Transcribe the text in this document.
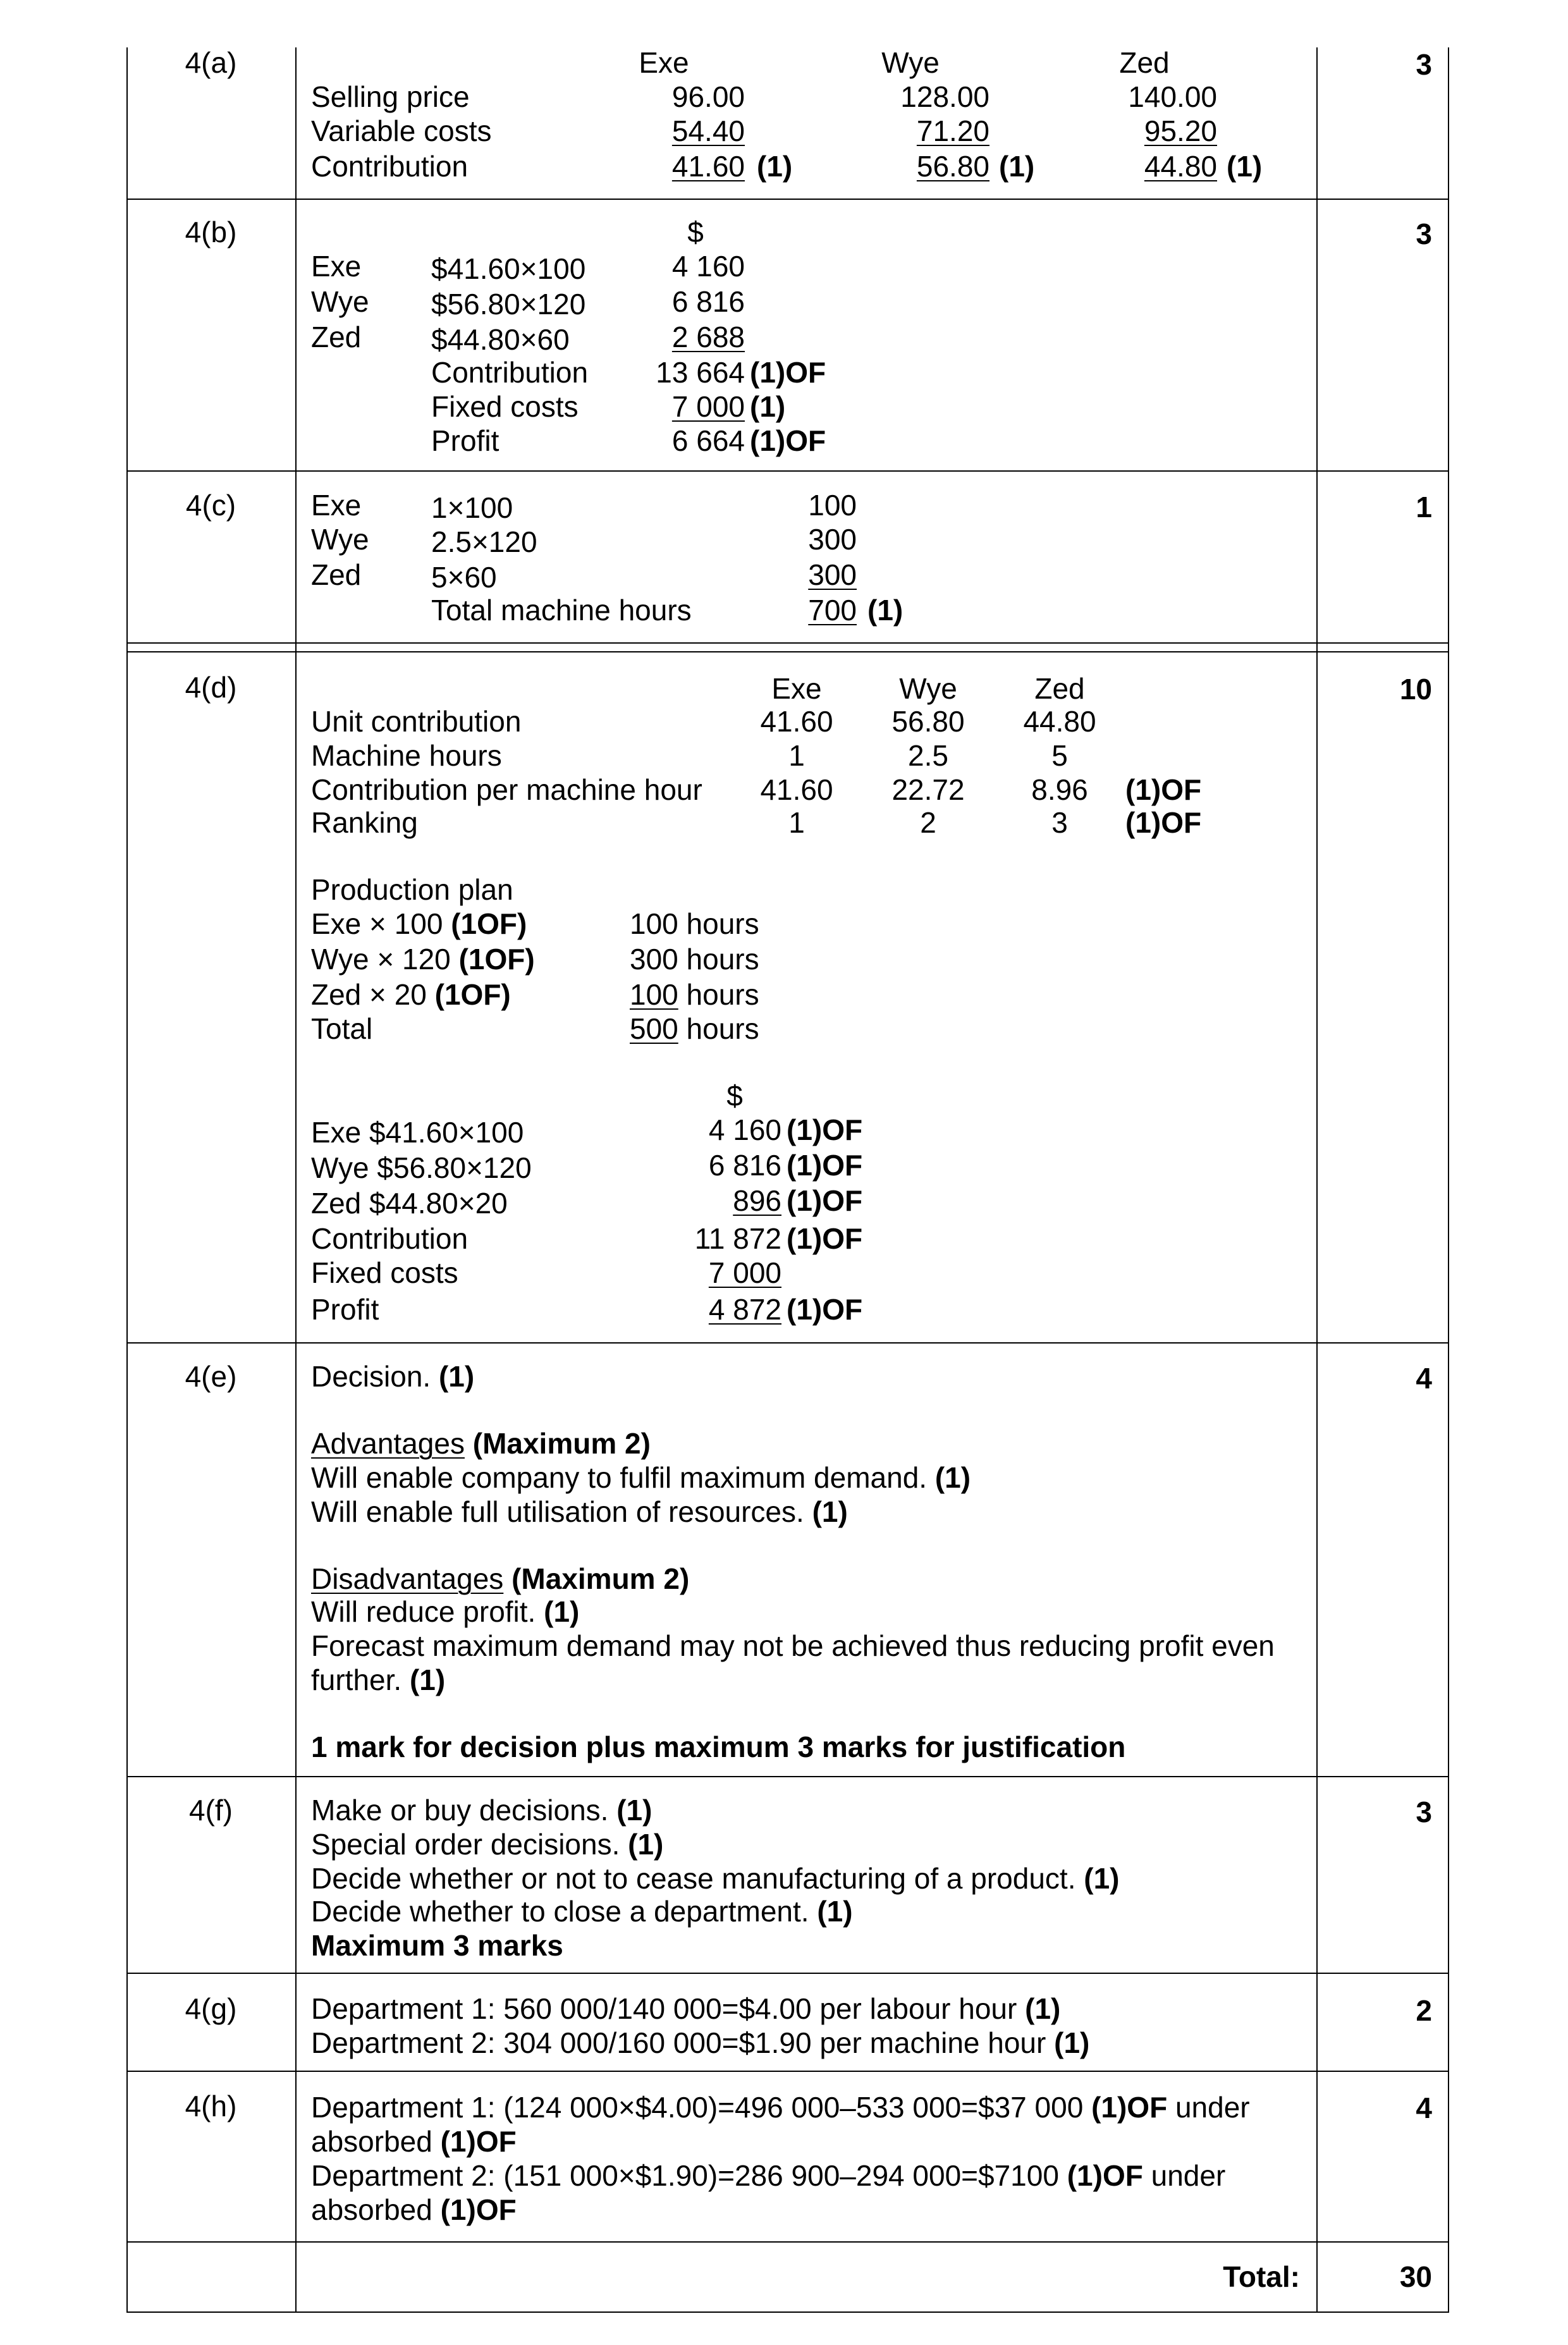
4(a)	3
Exe	Wye	Zed
Selling price	96.00	128.00	140.00
Variable costs	54.40	71.20	95.20
Contribution	41.60 (1)	56.80 (1)	44.80 (1)
4(b)	3
$
Exe $41.60×100	4 160
Wye $56.80×120	6 816
Zed $44.80×60	2 688
Contribution	13 664 (1)OF
Fixed costs	7 000 (1)
Profit	6 664 (1)OF
4(c)	1
Exe 1×100	100
Wye 2.5×120	300
Zed 5×60	300
Total machine hours	700 (1)
4(d)	10
Exe	Wye	Zed
Unit contribution	41.60	56.80	44.80
Machine hours	1	2.5	5
Contribution per machine hour	41.60	22.72	8.96	(1)OF
Ranking	1	2	3	(1)OF
Production plan
Exe × 100 (1OF)	100 hours
Wye × 120 (1OF)	300 hours
Zed × 20 (1OF)	100 hours
Total	500 hours
$
Exe $41.60×100	4 160 (1)OF
Wye $56.80×120	6 816 (1)OF
Zed $44.80×20	896 (1)OF
Contribution	11 872 (1)OF
Fixed costs	7 000
Profit	4 872 (1)OF
4(e)	4
Decision. (1)
Advantages (Maximum 2)
Will enable company to fulfil maximum demand. (1)
Will enable full utilisation of resources. (1)
Disadvantages (Maximum 2)
Will reduce profit. (1)
Forecast maximum demand may not be achieved thus reducing profit even
further. (1)
1 mark for decision plus maximum 3 marks for justification
4(f)	3
Make or buy decisions. (1)
Special order decisions. (1)
Decide whether or not to cease manufacturing of a product. (1)
Decide whether to close a department. (1)
Maximum 3 marks
4(g)	2
Department 1: 560 000/140 000=$4.00 per labour hour (1)
Department 2: 304 000/160 000=$1.90 per machine hour (1)
4(h)	4
Department 1: (124 000×$4.00)=496 000–533 000=$37 000 (1)OF under
absorbed (1)OF
Department 2: (151 000×$1.90)=286 900–294 000=$7100 (1)OF under
absorbed (1)OF
Total:	30
